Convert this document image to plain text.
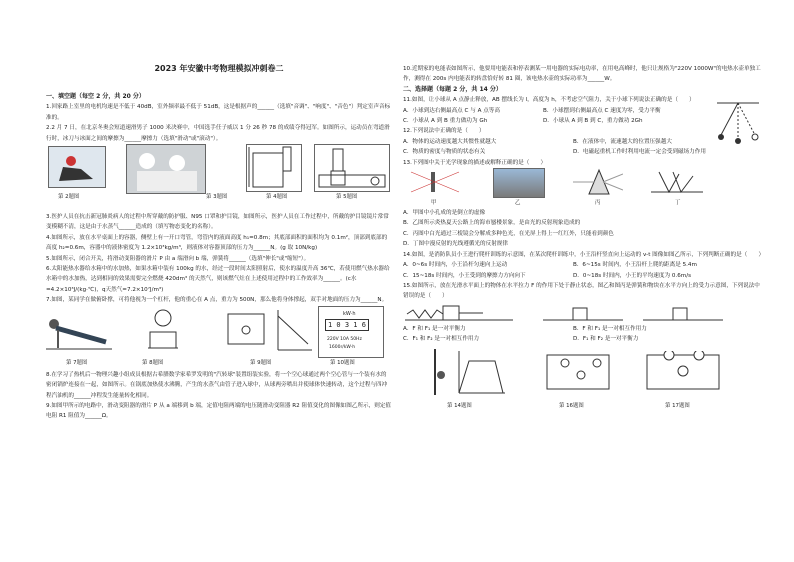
2023 年安徽中考物理模拟冲刺卷二

一、填空题（每空 2 分，共 20 分）

1.回家路上室里的电机均速是不低于 40dB，室外频率最不低于 51dB，这是根据声的______（选填"音调"、"响度"、"音色"）判定室声音标准的。

2.2 月 7 日，在北京冬奥会短道速滑男子 1000 米决赛中，中国选手任子威以 1 分 26 秒 78 的成绩夺得冠军。如图所示，运动员在弯道滑行时，冰刀与冰面之间的摩擦为______摩擦力（选填"滑动"或"滚动"）。

第 2题图	第 3题图	第 4题图	第 5题图

3.医护人员在抗击新冠肺炎病人的过程中所穿戴的防护服、N95 口罩和护目镜，如图所示，医护人员在工作过程中，所戴的护目镜镜片常常变模糊不清，这是由于水蒸气______造成的（填写物态变化的名称）。

4.如图所示，放在水平桌面上的容器，侧壁上有一开口弯管，弯管内的液面高度 h₁=0.8m；其底部面积的面积均为 0.1m²，顶部到底部的高度 h₂=0.6m，容器中的液体密度为 1.2×10³kg/m³，则液体对容器顶部的压力为______N。(g 取 10N/kg)

5.如图所示，闭合开关，将滑动变阻器的滑片 P 由 a 端滑向 b 端，弹簧将______（选填"伸长"或"缩短"）。

6.太阳能热水器给水箱中的水加热，如果水箱中装有 100kg 的水，经过一段时间太阳照射后，使水的温度升高 36℃，若使用燃气热水器给水箱中的水加热，达到相同的效果需要完全燃烧 420dm³ 的天然气，则该燃气灶在上述使用过程中的工作效率为______。(c水=4.2×10³J/(kg·℃)，q天然气=7.2×10⁷J/m³)

7.如图，某同学在做俯卧撑，可将他视为一个杠杆，他的重心在 A 点，重力为 500N，那么他将身体撑起，双手对地面的压力为______N。

kW·h
1 0 3 1 6
220V 10A 50Hz
1600r/kW·h
第 7题图	第 8题图	第 9题图	第 10题图

8.在学习了热机后一物理兴趣小组成员根据古希腊数学家希罗发明的"汽转球"装置组装实验，将一个空心球通过两个空心管与一个装有水的密闭锅炉连接在一起，如图所示。在锅底加热使水沸腾，产生的水蒸气由管子进入球中，从球两旁喷出并使球体快速转动，这个过程与四冲程汽油机的______冲程发生能量转化相同。

9.如图甲所示的电路中，滑动变阻器的滑片 P 从 a 端移到 b 端，定值电阻两端的电压随滑动变阻器 R2 阻值变化的图像如图乙所示，则定值电阻 R1 阻值为______Ω。

10.近期家的电能表如图所示，他要用电能表和停表测某一用电器的实际电功率，在用电高峰时，他只让规格为"220V 1000W"的电热水壶单独工作，测得在 200s 内电能表的转盘恰好转 81 圈，该电热水壶的实际功率为______W。

二、选择题（每题 2 分，共 14 分）

11.如图，让小球从 A 点静止释放，AB 摆线长为 l，高度为 h，不考虑空气阻力，关于小球下列说法正确的是（　　）

A．小球到达右侧最高点 C 与 A 点等高	B．小球摆到右侧最高点 C 速度为零，受力平衡
C．小球从 A 到 B 重力做功为 Gh	D．小球从 A 到 B 到 C，重力做功 2Gh

12.下列说法中正确的是（　　）

A．物体的运动速度越大其惯性就越大	B．在液体中，流速越大的位置压强越大
C．物质的密度与物质的状态有关	D．电磁起重机工作时利用电流一定会受到磁场力作用

13.下列图中关于光学现象的描述或解释正确的是（　　）

甲	乙	丙	丁

A．甲图中小孔成的是倒立的虚像

B．乙图所示炎热夏天公路上的海市蜃楼景象，是由光的反射现象造成的

C．丙图中白光通过三棱镜会分解成多种色光，在光屏上得上一红红外，只能看到颜色

D．丁图中漫反射的光线遵循光的反射规律

14.如图，是消防队员小王进行爬杆训练的示意图，在某次爬杆训练中，小王沿杆竖直向上运动的 v-t 图像如图乙所示，下列判断正确的是（　　）

A．0~6s 时间内，小王沿杆匀速向上运动	B．6~15s 时间内，小王沿杆上爬的距离是 5.4m
C．15~18s 时间内，小王受到的摩擦力方向向下	D．0~18s 时间内，小王的平均速度为 0.6m/s

15.如图所示，放在光滑水平面上的物体在水平拉力 F 的作用下处于静止状态，图乙和图丙是弹簧和物块在水平方向上的受力示意图，下列说法中错误的是（　　）

A．F 和 F₁ 是一对平衡力	B．F 和 F₁ 是一对相互作用力
C．F₁ 和 F₂ 是一对相互作用力	D．F₁ 和 F₂ 是一对平衡力
第 14题图	第 16题图	第 17题图
